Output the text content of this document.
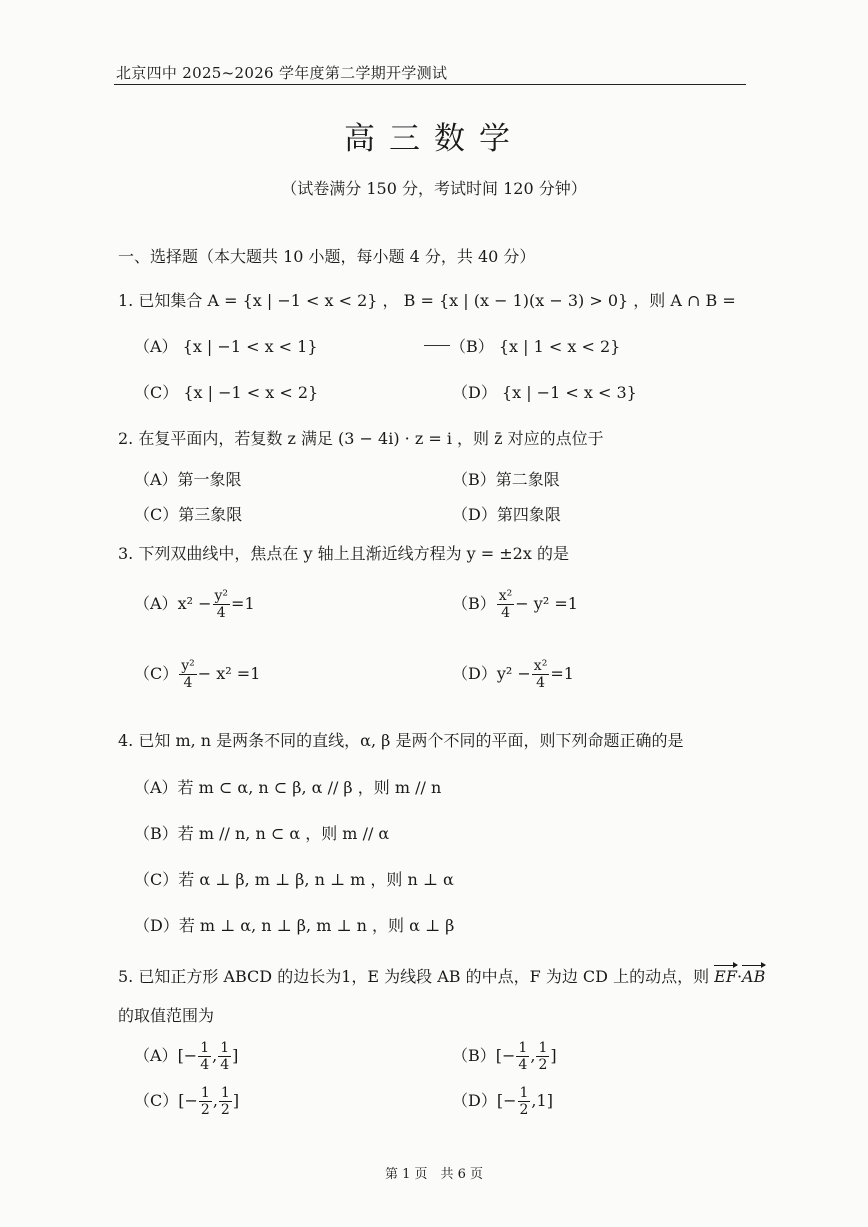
北京四中 2025~2026 学年度第二学期开学测试
高三数学
（试卷满分 150 分，考试时间 120 分钟）
一、选择题（本大题共 10 小题，每小题 4 分，共 40 分）
1. 已知集合 A = {x | −1 < x < 2} ， B = {x | (x − 1)(x − 3) > 0} ，则 A ∩ B =
（A） {x | −1 < x < 1}	（B） {x | 1 < x < 2}
（C） {x | −1 < x < 2}	（D） {x | −1 < x < 3}
2. 在复平面内，若复数 z 满足 (3 − 4i) · z = i ，则 z̄ 对应的点位于
（A）第一象限	（B）第二象限
（C）第三象限	（D）第四象限
3. 下列双曲线中，焦点在 y 轴上且渐近线方程为 y = ±2x 的是
$(A)x^2 - \frac{\text{y²}}{4} =1$	$(B) \frac{\text{x²}}{4} - y^2 =1$
$(C) \frac{\text{y²}}{4} - x^2 =1$	$(D)y^2 - \frac{\text{x²}}{4} =1$
4. 已知 m, n 是两条不同的直线，α, β 是两个不同的平面，则下列命题正确的是
（A）若 m ⊂ α, n ⊂ β, α // β ，则 m // n
（B）若 m // n, n ⊂ α ，则 m // α
（C）若 α ⊥ β, m ⊥ β, n ⊥ m ，则 n ⊥ α
（D）若 m ⊥ α, n ⊥ β, m ⊥ n ，则 α ⊥ β
5. 已知正方形 ABCD 的边长为1，E 为线段 AB 的中点，F 为边 CD 上的动点，则 EF·AB
的取值范围为
$(A)[- \frac{1}{4}$ , $\frac{1}{4}$ ]	$(B)[- \frac{1}{4}$ , $\frac{1}{2}$ ]
$(C)[- \frac{1}{2}$ , $\frac{1}{2}$ ]	$(D)[- \frac{1}{2} ,1]$
第 1 页　共 6 页
